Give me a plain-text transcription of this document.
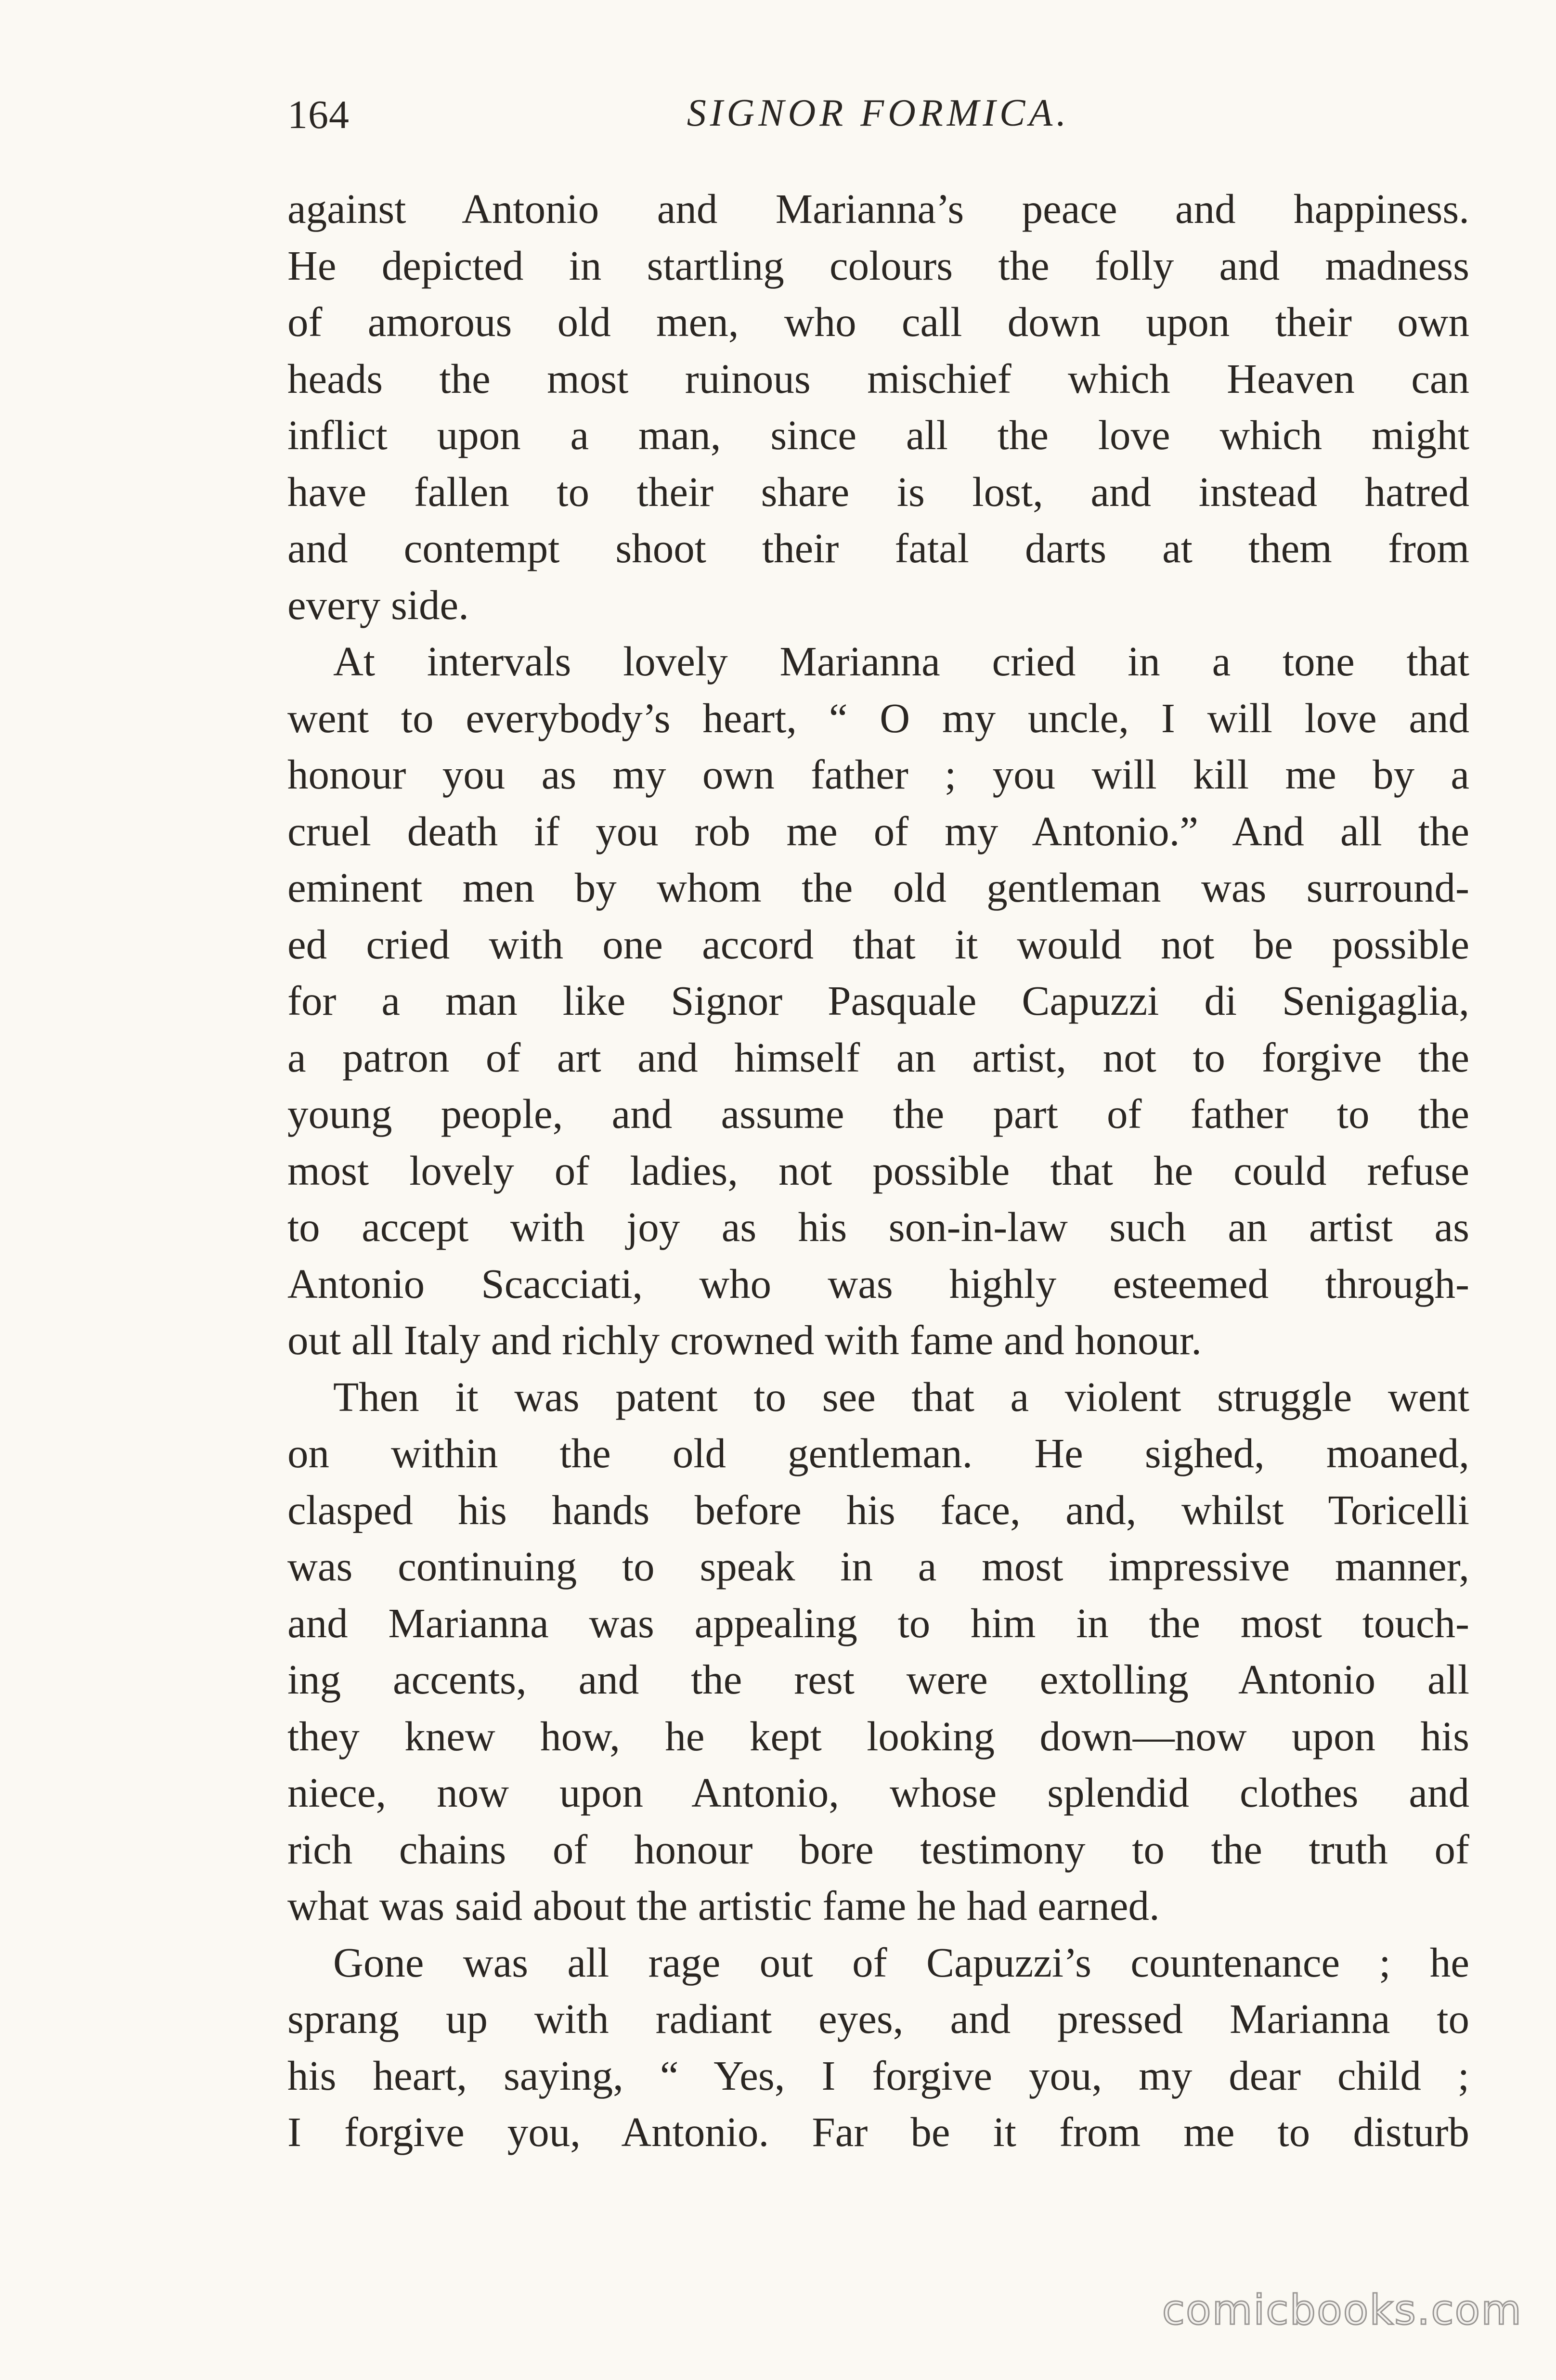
164	SIGNOR FORMICA.

against Antonio and Marianna’s peace and happiness.

He depicted in startling colours the folly and madness

of amorous old men, who call down upon their own

heads the most ruinous mischief which Heaven can

inflict upon a man, since all the love which might

have fallen to their share is lost, and instead hatred

and contempt shoot their fatal darts at them from

every side.

At intervals lovely Marianna cried in a tone that

went to everybody’s heart, “ O my uncle, I will love and

honour you as my own father ; you will kill me by a

cruel death if you rob me of my Antonio.” And all the

eminent men by whom the old gentleman was surround-

ed cried with one accord that it would not be possible

for a man like Signor Pasquale Capuzzi di Senigaglia,

a patron of art and himself an artist, not to forgive the

young people, and assume the part of father to the

most lovely of ladies, not possible that he could refuse

to accept with joy as his son-in-law such an artist as

Antonio Scacciati, who was highly esteemed through-

out all Italy and richly crowned with fame and honour.

Then it was patent to see that a violent struggle went

on within the old gentleman. He sighed, moaned,

clasped his hands before his face, and, whilst Toricelli

was continuing to speak in a most impressive manner,

and Marianna was appealing to him in the most touch-

ing accents, and the rest were extolling Antonio all

they knew how, he kept looking down—now upon his

niece, now upon Antonio, whose splendid clothes and

rich chains of honour bore testimony to the truth of

what was said about the artistic fame he had earned.

Gone was all rage out of Capuzzi’s countenance ; he

sprang up with radiant eyes, and pressed Marianna to

his heart, saying, “ Yes, I forgive you, my dear child ;

I forgive you, Antonio. Far be it from me to disturb

comicbooks.com
